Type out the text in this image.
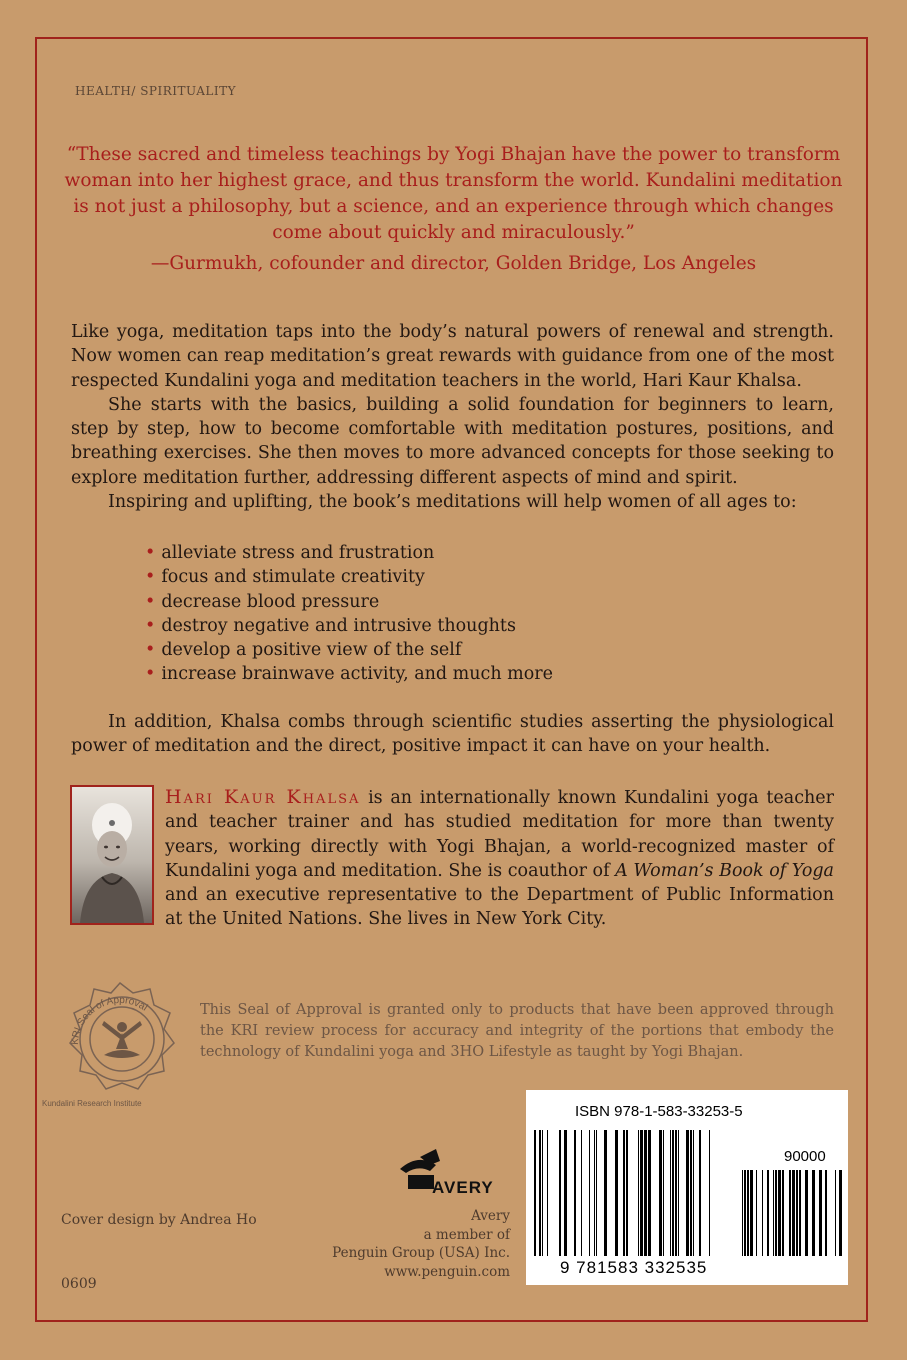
HEALTH/ SPIRITUALITY
“These sacred and timeless teachings by Yogi Bhajan have the power to transform woman into her highest grace, and thus transform the world. Kundalini meditation is not just a philosophy, but a science, and an experience through which changes come about quickly and miraculously.”
—Gurmukh, cofounder and director, Golden Bridge, Los Angeles

Like yoga, meditation taps into the body’s natural powers of renewal and strength. Now women can reap meditation’s great rewards with guidance from one of the most respected Kundalini yoga and meditation teachers in the world, Hari Kaur Khalsa.

She starts with the basics, building a solid foundation for beginners to learn, step by step, how to become comfortable with meditation postures, positions, and breathing exercises. She then moves to more advanced concepts for those seeking to explore meditation further, addressing different aspects of mind and spirit.

Inspiring and uplifting, the book’s meditations will help women of all ages to:

• alleviate stress and frustration
• focus and stimulate creativity
• decrease blood pressure
• destroy negative and intrusive thoughts
• develop a positive view of the self
• increase brainwave activity, and much more
In addition, Khalsa combs through scientific studies asserting the physiological power of meditation and the direct, positive impact it can have on your health.
Hari Kaur Khalsa is an internationally known Kundalini yoga teacher and teacher trainer and has studied meditation for more than twenty years, working directly with Yogi Bhajan, a world-recognized master of Kundalini yoga and meditation. She is coauthor of A Woman’s Book of Yoga and an executive representative to the Department of Public Information at the United Nations. She lives in New York City.
KRI Seal of Approval
Kundalini Research Institute
This Seal of Approval is granted only to products that have been approved through the KRI review process for accuracy and integrity of the portions that embody the technology of Kundalini yoga and 3HO Lifestyle as taught by Yogi Bhajan.
AVERY
Avery
a member of
Penguin Group (USA) Inc.
www.penguin.com
Cover design by Andrea Ho
0609
ISBN 978-1-583-33253-5
90000
9 781583 332535
